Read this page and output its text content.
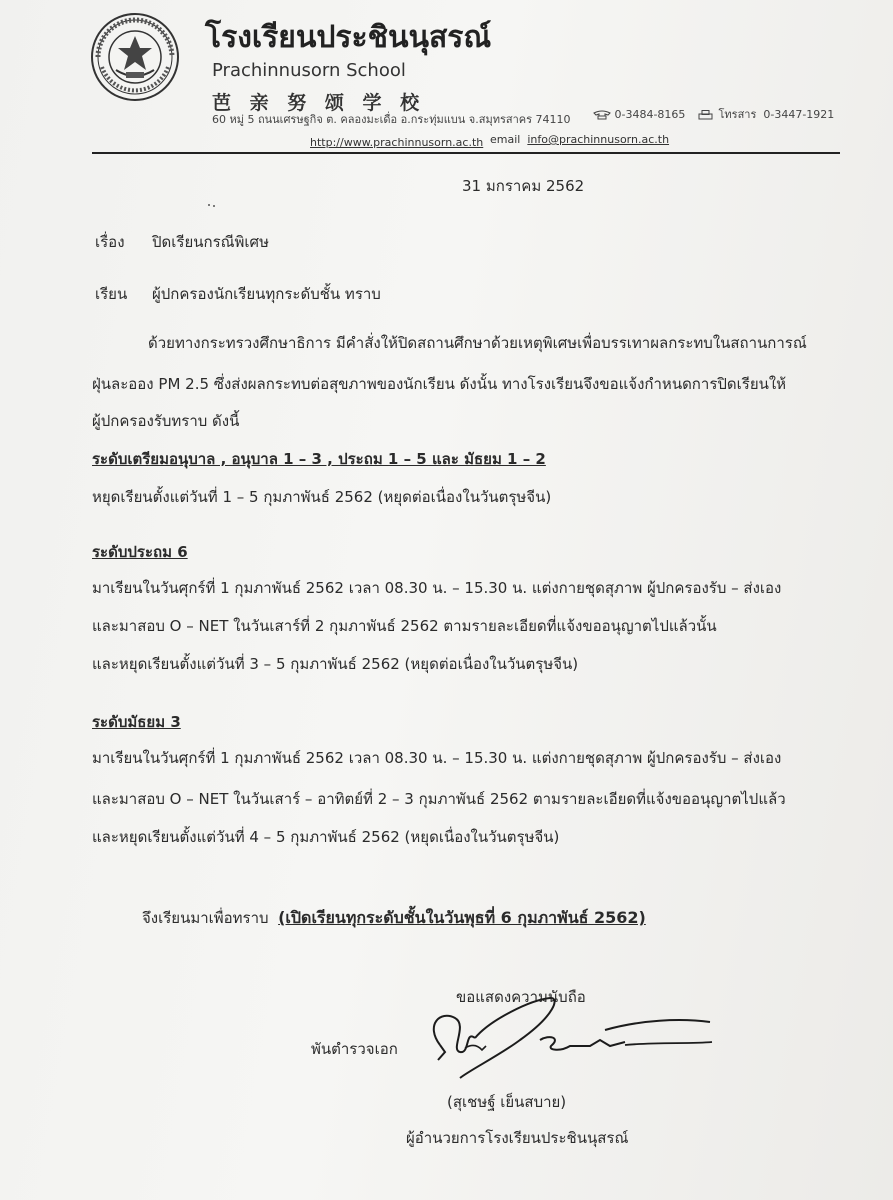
โรงเรียนประชินนุสรณ์
Prachinnusorn School
芭 亲 努 颂 学 校
60 หมู่ 5 ถนนเศรษฐกิจ ต. คลองมะเดื่อ อ.กระทุ่มแบน จ.สมุทรสาคร 74110	0-3484-8165	โทรสาร 0-3447-1921
http://www.prachinnusorn.ac.th email info@prachinnusorn.ac.th
31 มกราคม 2562
เรื่อง ปิดเรียนกรณีพิเศษ
เรียน ผู้ปกครองนักเรียนทุกระดับชั้น ทราบ
ด้วยทางกระทรวงศึกษาธิการ มีคำสั่งให้ปิดสถานศึกษาด้วยเหตุพิเศษเพื่อบรรเทาผลกระทบในสถานการณ์
ฝุ่นละออง PM 2.5 ซึ่งส่งผลกระทบต่อสุขภาพของนักเรียน ดังนั้น ทางโรงเรียนจึงขอแจ้งกำหนดการปิดเรียนให้
ผู้ปกครองรับทราบ ดังนี้
ระดับเตรียมอนุบาล , อนุบาล 1 – 3 , ประถม 1 – 5 และ มัธยม 1 – 2
หยุดเรียนตั้งแต่วันที่ 1 – 5 กุมภาพันธ์ 2562 (หยุดต่อเนื่องในวันตรุษจีน)
ระดับประถม 6
มาเรียนในวันศุกร์ที่ 1 กุมภาพันธ์ 2562 เวลา 08.30 น. – 15.30 น. แต่งกายชุดสุภาพ ผู้ปกครองรับ – ส่งเอง
และมาสอบ O – NET ในวันเสาร์ที่ 2 กุมภาพันธ์ 2562 ตามรายละเอียดที่แจ้งขออนุญาตไปแล้วนั้น
และหยุดเรียนตั้งแต่วันที่ 3 – 5 กุมภาพันธ์ 2562 (หยุดต่อเนื่องในวันตรุษจีน)
ระดับมัธยม 3
มาเรียนในวันศุกร์ที่ 1 กุมภาพันธ์ 2562 เวลา 08.30 น. – 15.30 น. แต่งกายชุดสุภาพ ผู้ปกครองรับ – ส่งเอง
และมาสอบ O – NET ในวันเสาร์ – อาทิตย์ที่ 2 – 3 กุมภาพันธ์ 2562 ตามรายละเอียดที่แจ้งขออนุญาตไปแล้ว
และหยุดเรียนตั้งแต่วันที่ 4 – 5 กุมภาพันธ์ 2562 (หยุดเนื่องในวันตรุษจีน)
จึงเรียนมาเพื่อทราบ (เปิดเรียนทุกระดับชั้นในวันพุธที่ 6 กุมภาพันธ์ 2562)
ขอแสดงความนับถือ
พันตำรวจเอก
(สุเชษฐ์ เย็นสบาย)
ผู้อำนวยการโรงเรียนประชินนุสรณ์
